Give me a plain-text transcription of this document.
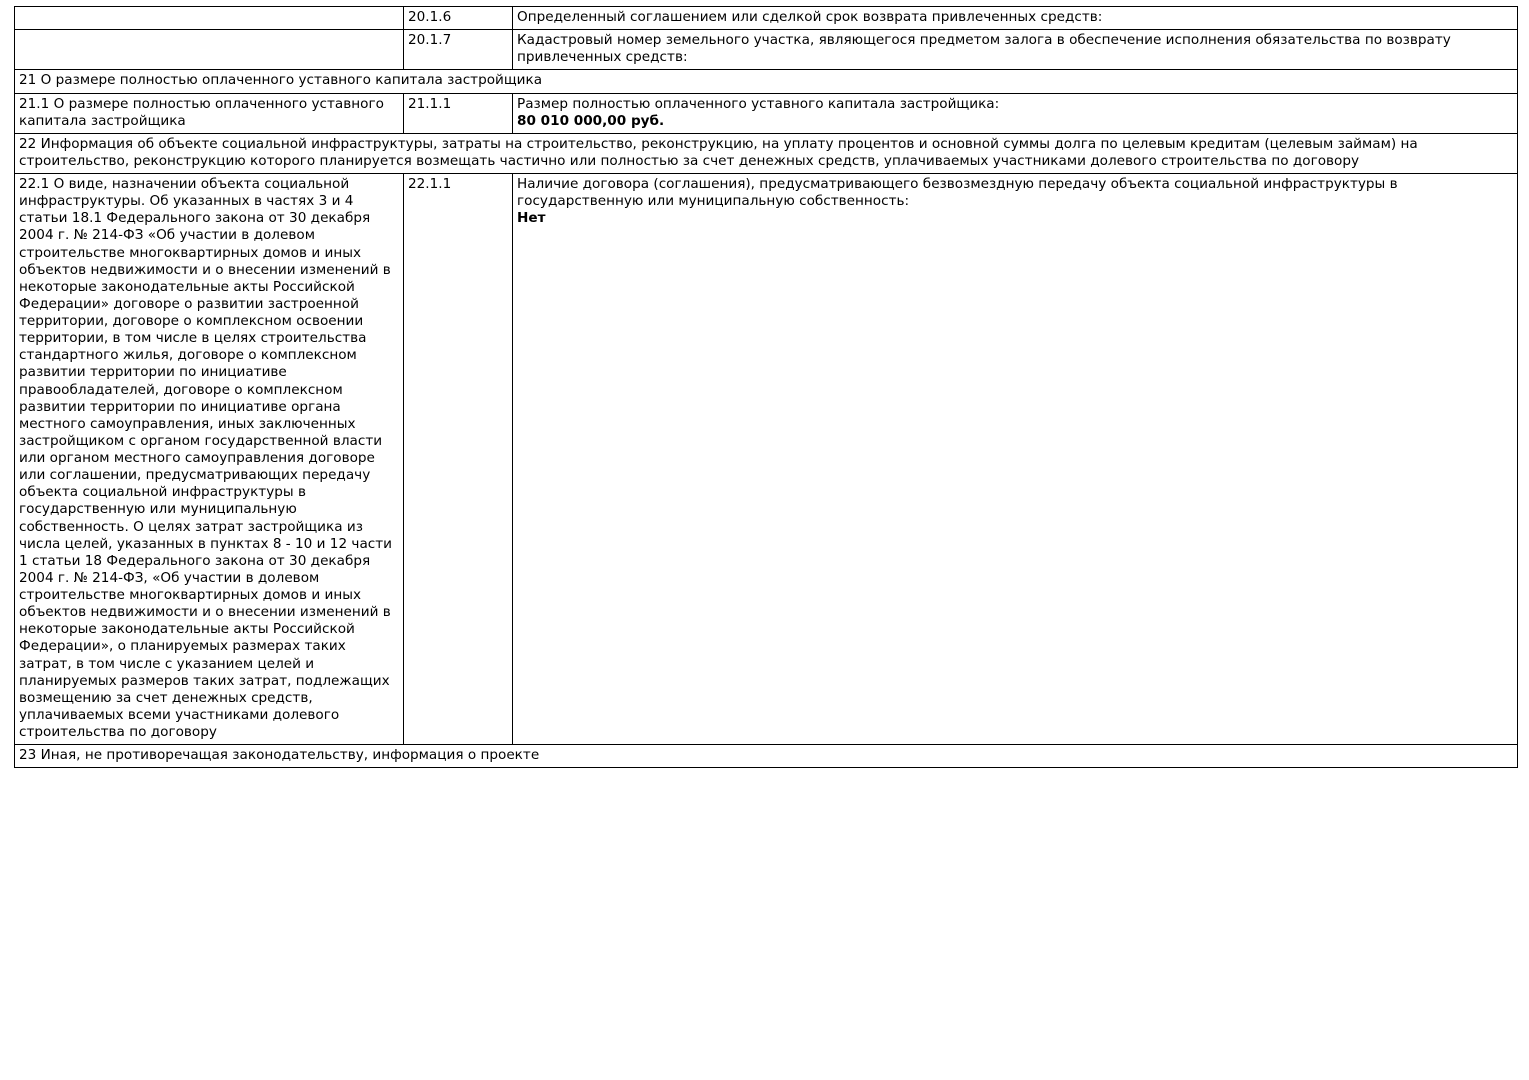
	20.1.6	Определенный соглашением или сделкой срок возврата привлеченных средств:
	20.1.7	Кадастровый номер земельного участка, являющегося предметом залога в обеспечение исполнения обязательства по возврату привлеченных средств:
21 О размере полностью оплаченного уставного капитала застройщика		
21.1 О размере полностью оплаченного уставного капитала застройщика	21.1.1	Размер полностью оплаченного уставного капитала застройщика:
80 010 000,00 руб.

22 Информация об объекте социальной инфраструктуры, затраты на строительство, реконструкцию, на уплату процентов и основной суммы долга по целевым кредитам (целевым займам) на строительство, реконструкцию которого планируется возмещать частично или полностью за счет денежных средств, уплачиваемых участниками долевого строительства по договору		
22.1 О виде, назначении объекта социальной инфраструктуры. Об указанных в частях 3 и 4 статьи 18.1 Федерального закона от 30 декабря 2004 г. № 214-ФЗ «Об участии в долевом строительстве многоквартирных домов и иных объектов недвижимости и о внесении изменений в некоторые законодательные акты Российской Федерации» договоре о развитии застроенной территории, договоре о комплексном освоении территории, в том числе в целях строительства стандартного жилья, договоре о комплексном развитии территории по инициативе правообладателей, договоре о комплексном развитии территории по инициативе органа местного самоуправления, иных заключенных застройщиком с органом государственной власти или органом местного самоуправления договоре или соглашении, предусматривающих передачу объекта социальной инфраструктуры в государственную или муниципальную собственность. О целях затрат застройщика из числа целей, указанных в пунктах 8 - 10 и 12 части 1 статьи 18 Федерального закона от 30 декабря 2004 г. № 214-ФЗ, «Об участии в долевом строительстве многоквартирных домов и иных объектов недвижимости и о внесении изменений в некоторые законодательные акты Российской Федерации», о планируемых размерах таких затрат, в том числе с указанием целей и планируемых размеров таких затрат, подлежащих возмещению за счет денежных средств, уплачиваемых всеми участниками долевого строительства по договору	22.1.1	Наличие договора (соглашения), предусматривающего безвозмездную передачу объекта социальной инфраструктуры в государственную или муниципальную собственность:
Нет

23 Иная, не противоречащая законодательству, информация о проекте		
